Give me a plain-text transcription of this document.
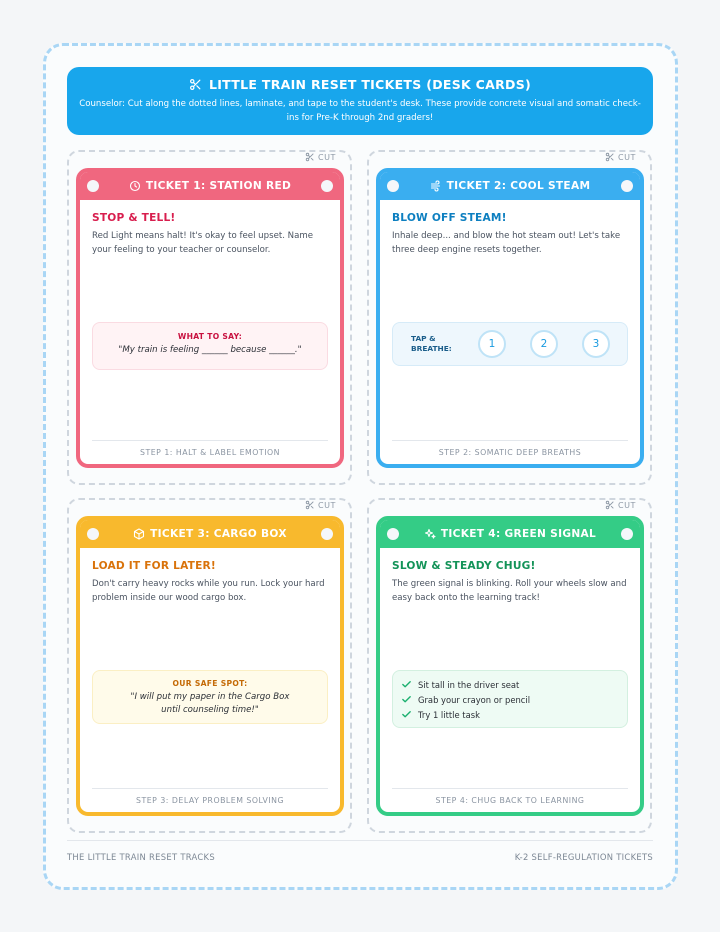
LITTLE TRAIN RESET TICKETS (DESK CARDS)
Counselor: Cut along the dotted lines, laminate, and tape to the student's desk. These provide concrete visual and somatic check-ins for Pre-K through 2nd graders!
CUT	CUT
CUT	CUT
TICKET 1: STATION RED
STOP & TELL!
Red Light means halt! It's okay to feel upset. Name your feeling to your teacher or counselor.
WHAT TO SAY:
"My train is feeling ______ because ______."
STEP 1: HALT & LABEL EMOTION
TICKET 2: COOL STEAM
BLOW OFF STEAM!
Inhale deep... and blow the hot steam out! Let's take three deep engine resets together.
TAP & BREATHE:	1	2	3
STEP 2: SOMATIC DEEP BREATHS
TICKET 3: CARGO BOX
LOAD IT FOR LATER!
Don't carry heavy rocks while you run. Lock your hard problem inside our wood cargo box.
OUR SAFE SPOT:
"I will put my paper in the Cargo Box until counseling time!"
STEP 3: DELAY PROBLEM SOLVING
TICKET 4: GREEN SIGNAL
SLOW & STEADY CHUG!
The green signal is blinking. Roll your wheels slow and easy back onto the learning track!
Sit tall in the driver seat
Grab your crayon or pencil
Try 1 little task
STEP 4: CHUG BACK TO LEARNING
THE LITTLE TRAIN RESET TRACKS	K-2 SELF-REGULATION TICKETS
